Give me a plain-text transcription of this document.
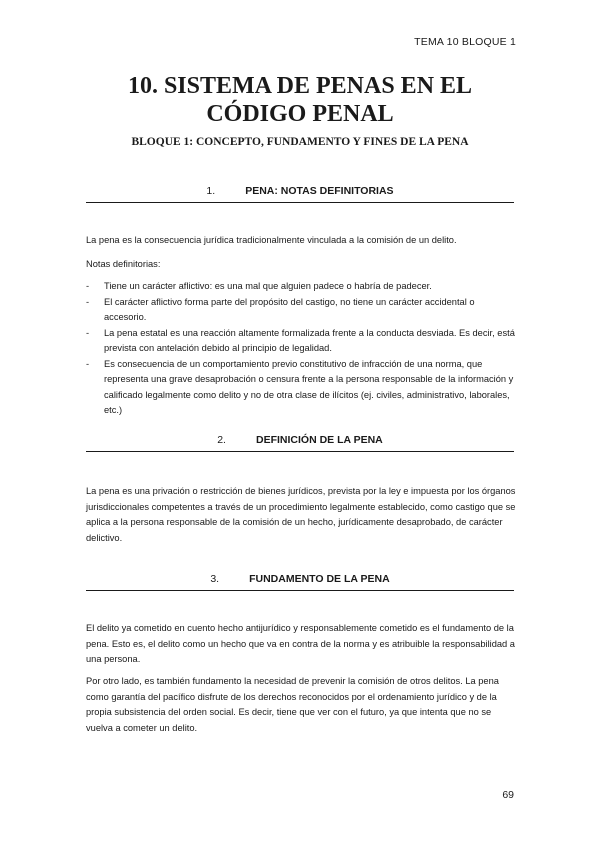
TEMA 10 BLOQUE 1
10. SISTEMA DE PENAS EN EL
CÓDIGO PENAL
BLOQUE 1: CONCEPTO, FUNDAMENTO Y FINES DE LA PENA
1.	PENA: NOTAS DEFINITORIAS

La pena es la consecuencia jurídica tradicionalmente vinculada a la comisión de un delito.

Notas definitorias:

- Tiene un carácter aflictivo: es una mal que alguien padece o habría de padecer.
- El carácter aflictivo forma parte del propósito del castigo, no tiene un carácter accidental o accesorio.
- La pena estatal es una reacción altamente formalizada frente a la conducta desviada. Es decir, está prevista con antelación debido al principio de legalidad.
- Es consecuencia de un comportamiento previo constitutivo de infracción de una norma, que representa una grave desaprobación o censura frente a la persona responsable de la información y calificado legalmente como delito y no de otra clase de ilícitos (ej. civiles, administrativo, laborales, etc.)
2.	DEFINICIÓN DE LA PENA

La pena es una privación o restricción de bienes jurídicos, prevista por la ley e impuesta por los órganos jurisdiccionales competentes a través de un procedimiento legalmente establecido, como castigo que se aplica a la persona responsable de la comisión de un hecho, jurídicamente desaprobado, de carácter delictivo.

3.	FUNDAMENTO DE LA PENA

El delito ya cometido en cuento hecho antijurídico y responsablemente cometido es el fundamento de la pena. Esto es, el delito como un hecho que va en contra de la norma y es atribuible la responsabilidad a una persona.

Por otro lado, es también fundamento la necesidad de prevenir la comisión de otros delitos. La pena como garantía del pacífico disfrute de los derechos reconocidos por el ordenamiento jurídico y de la propia subsistencia del orden social. Es decir, tiene que ver con el futuro, ya que intenta que no se vuelva a cometer un delito.

69
